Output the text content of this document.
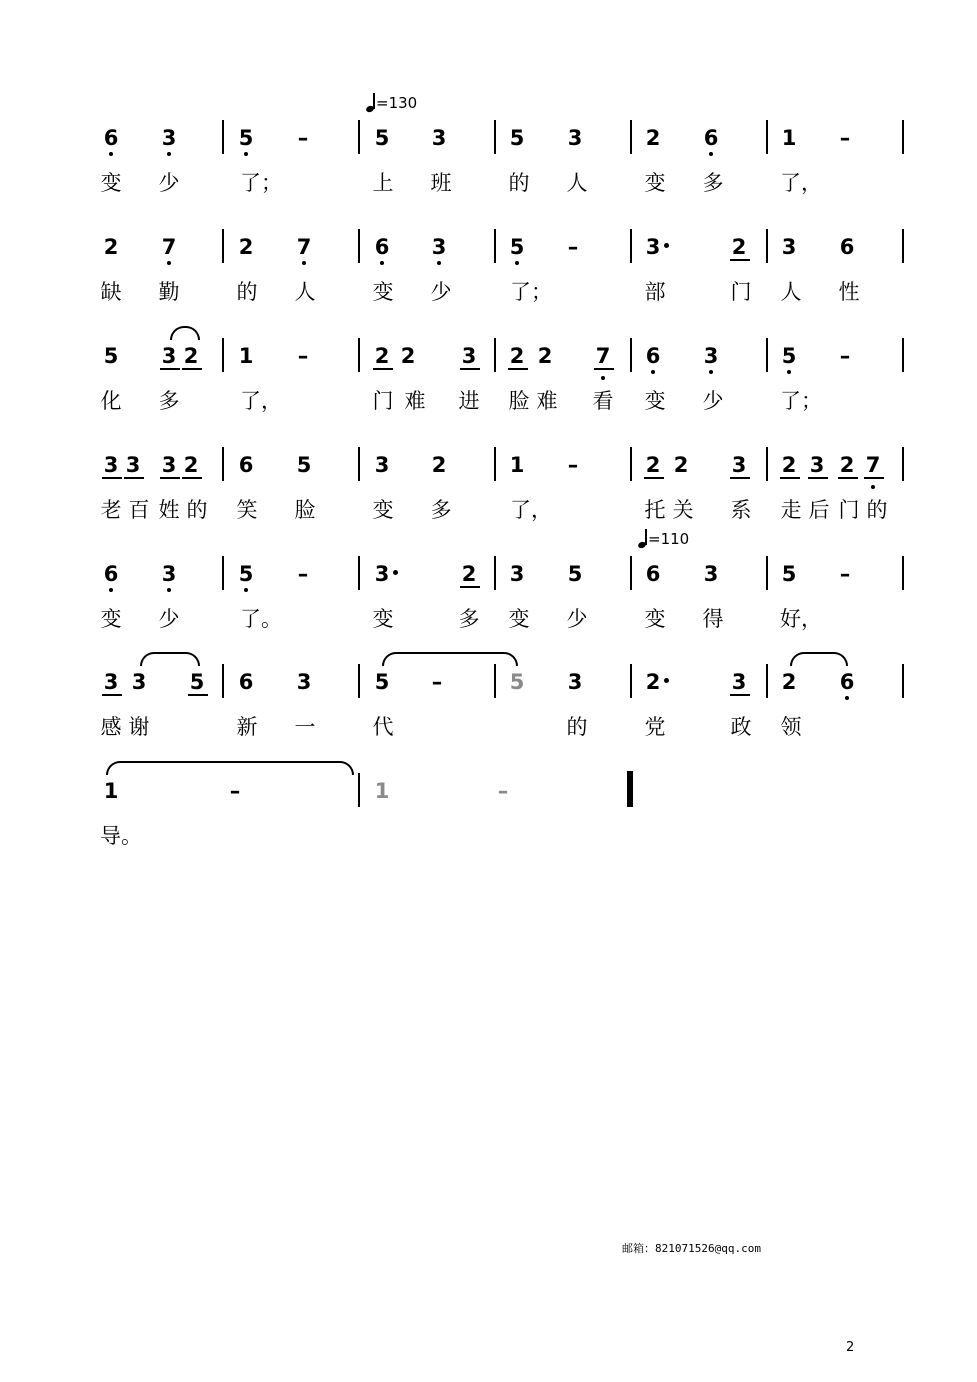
=130
6 3	5 –	5 3	5 3	2 6	1 –
变 少	了；	上 班	的 人	变 多	了，
2 7	2 7	6 3	5 –	3	2 3 6
缺 勤	的 人	变 少	了；	部	门 人 性
5 3 2 1 –	2 2 3 2 2 7 6 3	5 –
化 多	了，	门 难 进 脸 难 看 变 少	了；
3 3 3 2 6 5	3 2	1 –	2 2 3 2 3 2 7
老 百 姓 的 笑 脸	变 多	了，	托 关 系 走 后 门 的
=110
6 3	5 –	3	2 3 5	6 3	5 –
变 少	了。	变	多 变 少	变 得	好，
3 3 5 6 3	5 –	5 3	2	3 2 6
感 谢	新 一	代	的	党	政 领
1	–	1	–
导。
邮箱：821071526@qq.com
2
